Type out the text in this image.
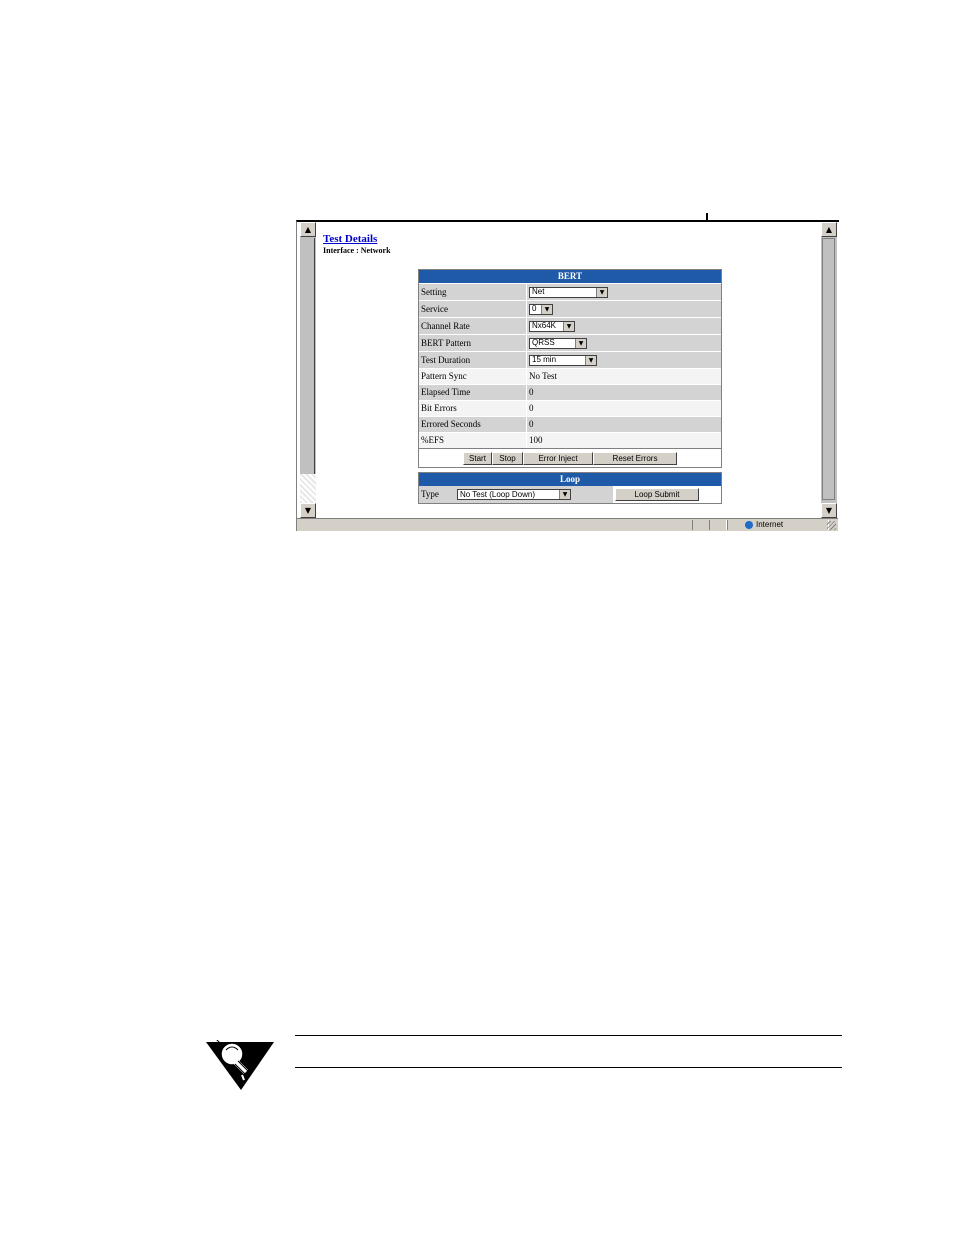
▲
▼
Test Details
Interface : Network
BERT
Setting	Net	▼
Service	0	▼
Channel Rate	Nx64K	▼
BERT Pattern	QRSS	▼
Test Duration	15 min	▼
Pattern Sync	No Test
Elapsed Time	0
Bit Errors	0
Errored Seconds	0
%EFS	100
Start	Stop	Error Inject	Reset Errors
Loop
Type	No Test (Loop Down)	▼	Loop Submit
▲
▼
Internet
